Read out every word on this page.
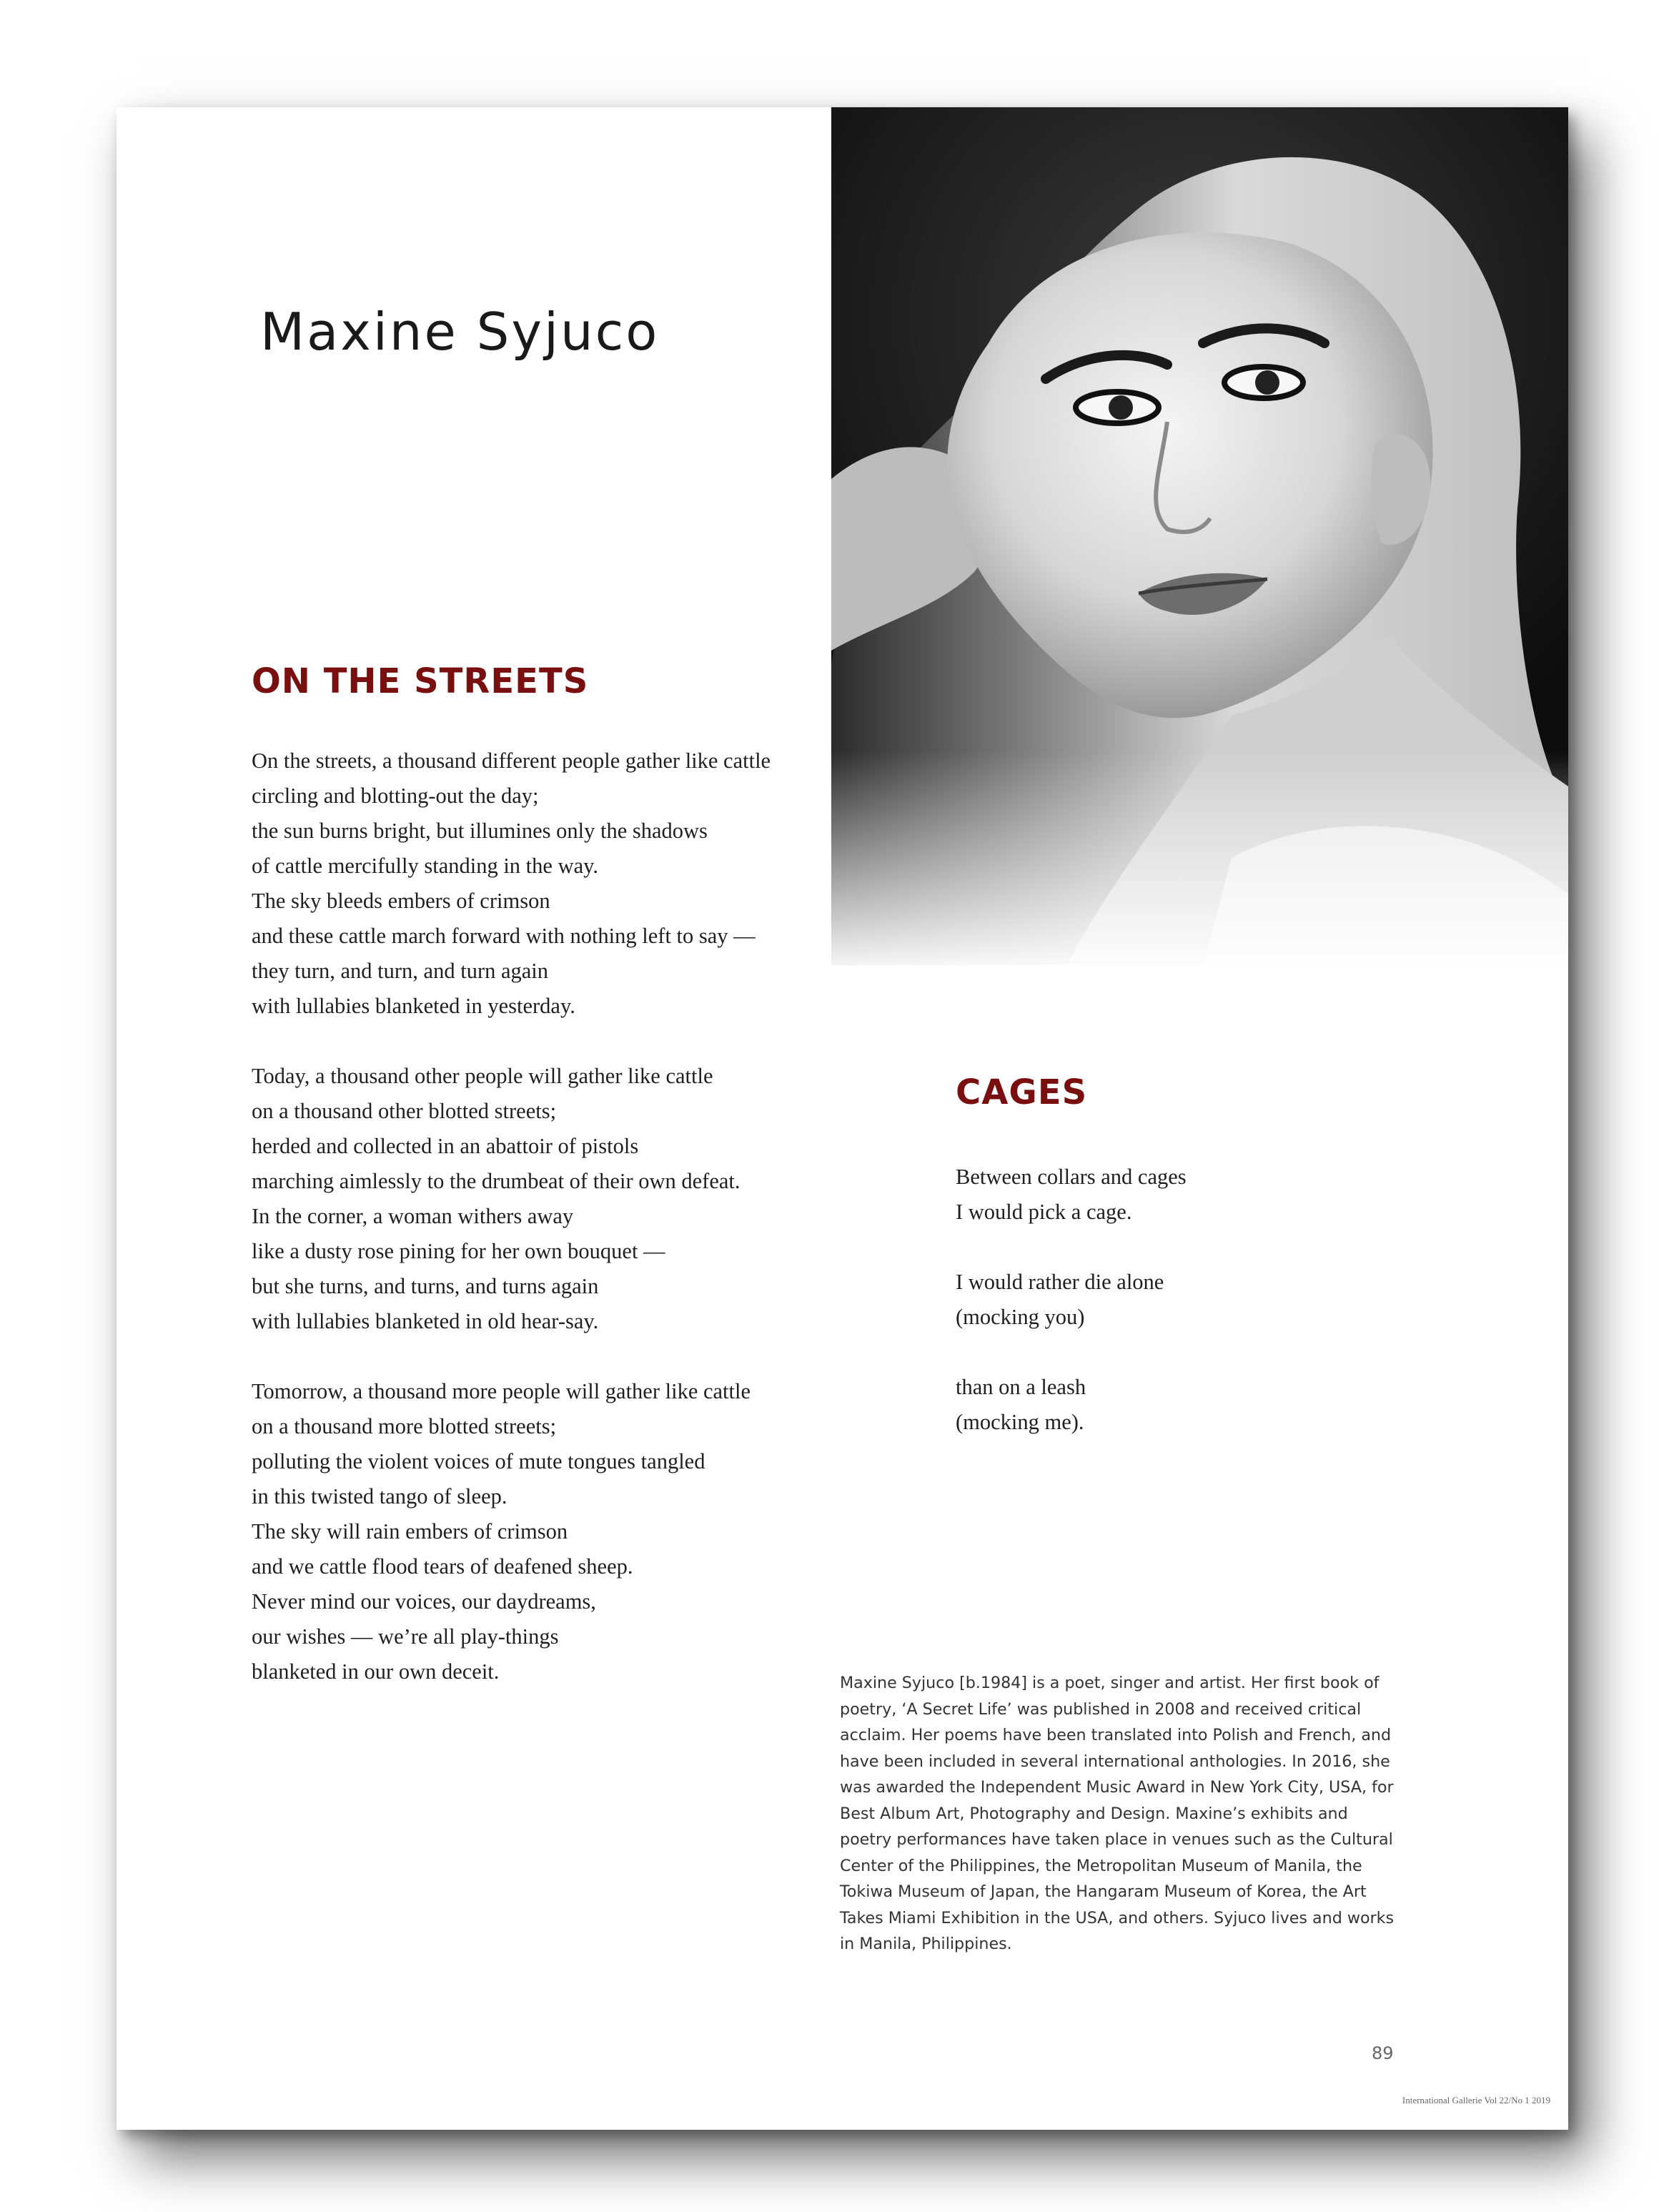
Maxine Syjuco
ON THE STREETS

On the streets, a thousand different people gather like cattle
circling and blotting-out the day;
the sun burns bright, but illumines only the shadows
of cattle mercifully standing in the way.
The sky bleeds embers of crimson
and these cattle march forward with nothing left to say —
they turn, and turn, and turn again
with lullabies blanketed in yesterday.

Today, a thousand other people will gather like cattle
on a thousand other blotted streets;
herded and collected in an abattoir of pistols
marching aimlessly to the drumbeat of their own defeat.
In the corner, a woman withers away
like a dusty rose pining for her own bouquet —
but she turns, and turns, and turns again
with lullabies blanketed in old hear-say.

Tomorrow, a thousand more people will gather like cattle
on a thousand more blotted streets;
polluting the violent voices of mute tongues tangled
in this twisted tango of sleep.
The sky will rain embers of crimson
and we cattle flood tears of deafened sheep.
Never mind our voices, our daydreams,
our wishes — we’re all play-things
blanketed in our own deceit.

CAGES

Between collars and cages
I would pick a cage.

I would rather die alone
(mocking you)

than on a leash
(mocking me).

Maxine Syjuco [b.1984] is a poet, singer and artist. Her first book of poetry, ‘A Secret Life’ was published in 2008 and received critical acclaim. Her poems have been translated into Polish and French, and have been included in several international anthologies. In 2016, she was awarded the Independent Music Award in New York City, USA, for Best Album Art, Photography and Design. Maxine’s exhibits and poetry performances have taken place in venues such as the Cultural Center of the Philippines, the Metropolitan Museum of Manila, the Tokiwa Museum of Japan, the Hangaram Museum of Korea, the Art Takes Miami Exhibition in the USA, and others. Syjuco lives and works in Manila, Philippines.

89
International Gallerie Vol 22/No 1 2019
